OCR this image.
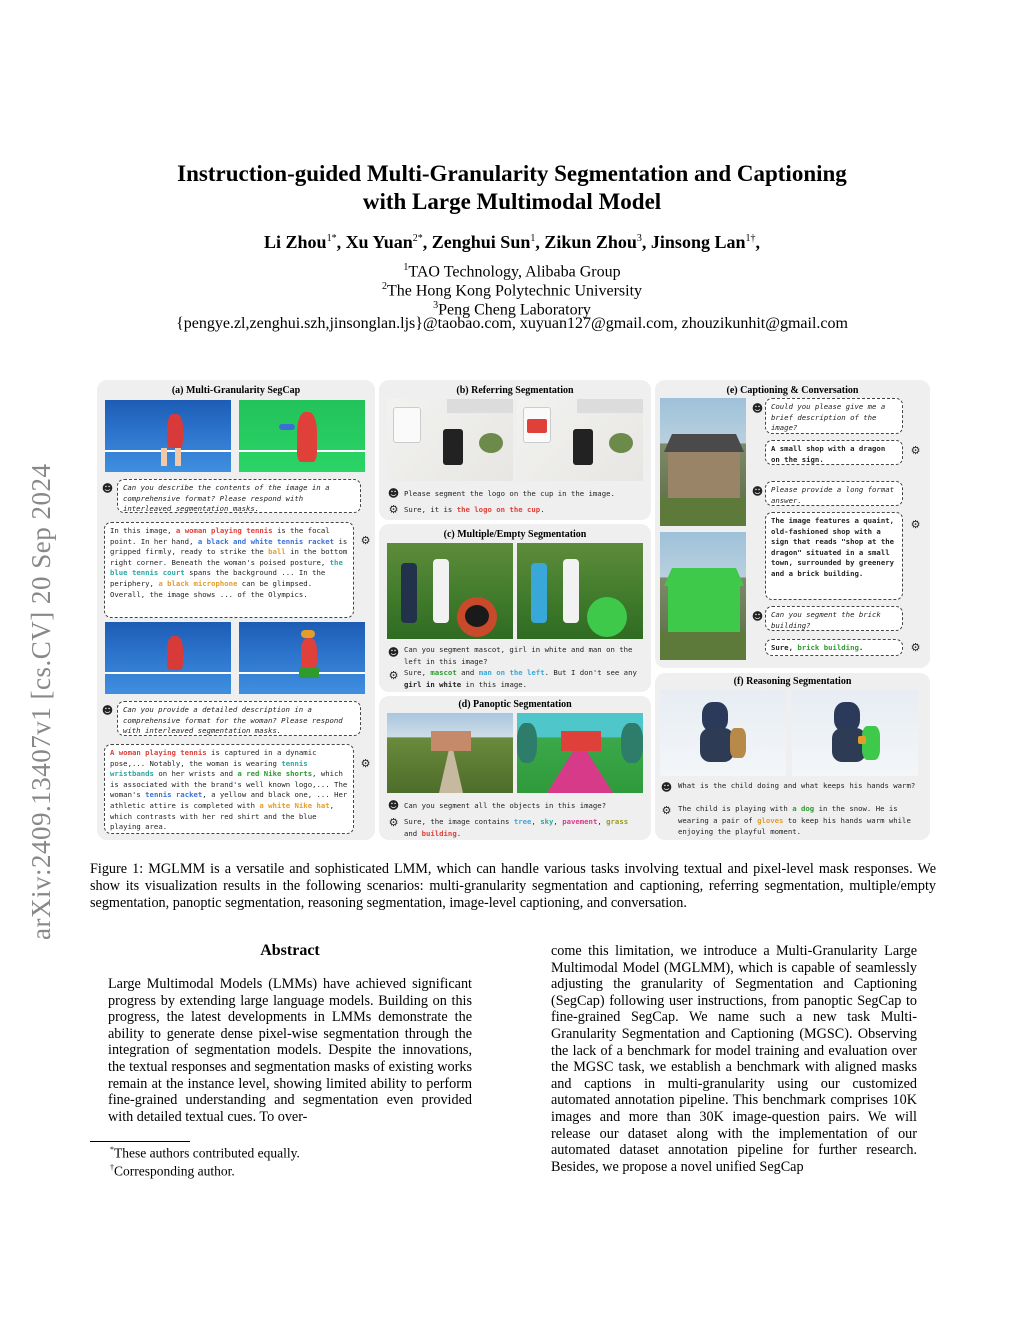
arXiv:2409.13407v1 [cs.CV] 20 Sep 2024
Instruction-guided Multi-Granularity Segmentation and Captioning
with Large Multimodal Model
Li Zhou$^{1*}$, Xu Yuan$^{2*}$, Zenghui Sun$^1$, Zikun Zhou$^3$, Jinsong Lan$^{1\dagger}$,
$^1$TAO Technology, Alibaba Group
$^2$The Hong Kong Polytechnic University
$^3$Peng Cheng Laboratory
{pengye.zl,zenghui.szh,jinsonglan.ljs}@taobao.com, xuyuan127@gmail.com, zhouzikunhit@gmail.com
(a) Multi-Granularity SegCap
☻	Can you describe the contents of the image in a comprehensive format? Please respond with interleaved segmentation masks.
In this image, a woman playing tennis is the focal point. In her hand, a black and white tennis racket is gripped firmly, ready to strike the ball in the bottom right corner. Beneath the woman's poised posture, the blue tennis court spans the background ... In the periphery, a black microphone can be glimpsed. Overall, the image shows ... of the Olympics.
⚙
☻	Can you provide a detailed description in a comprehensive format for the woman? Please respond with interleaved segmentation masks.
A woman playing tennis is captured in a dynamic pose,... Notably, the woman is wearing tennis wristbands on her wrists and a red Nike shorts, which is associated with the brand's well known logo,... The woman's tennis racket, a yellow and black one, ... Her athletic attire is completed with a white Nike hat, which contrasts with her red shirt and the blue playing area.
⚙
(b) Referring Segmentation
☻ Please segment the logo on the cup in the image.
⚙ Sure, it is the logo on the cup.
(c) Multiple/Empty Segmentation
☻ Can you segment mascot, girl in white and man on the left in this image?
⚙ Sure, mascot and man on the left. But I don't see any girl in white in this image.
(d) Panoptic Segmentation
☻ Can you segment all the objects in this image?
⚙ Sure, the image contains tree, sky, pavement, grass and building.
(e) Captioning & Conversation
☻	Could you please give me a brief description of the image?
A small shop with a dragon on the sign.
⚙
☻	Please provide a long format answer.
The image features a quaint, old-fashioned shop with a sign that reads "shop at the dragon" situated in a small town, surrounded by greenery and a brick building.
⚙
☻	Can you segment the brick building?
Sure, brick building.	⚙
(f) Reasoning Segmentation
☻ What is the child doing and what keeps his hands warm?
⚙ The child is playing with a dog in the snow. He is wearing a pair of gloves to keep his hands warm while enjoying the playful moment.
Figure 1: MGLMM is a versatile and sophisticated LMM, which can handle various tasks involving textual and pixel-level mask responses. We show its visualization results in the following scenarios: multi-granularity segmentation and captioning, referring segmentation, multiple/empty segmentation, panoptic segmentation, reasoning segmentation, image-level captioning, and conversation.
Abstract
Large Multimodal Models (LMMs) have achieved significant progress by extending large language models. Building on this progress, the latest developments in LMMs demonstrate the ability to generate dense pixel-wise segmentation through the integration of segmentation models. Despite the innovations, the textual responses and segmentation masks of existing works remain at the instance level, showing limited ability to perform fine-grained understanding and segmentation even provided with detailed textual cues. To over-
come this limitation, we introduce a Multi-Granularity Large Multimodal Model (MGLMM), which is capable of seamlessly adjusting the granularity of Segmentation and Captioning (SegCap) following user instructions, from panoptic SegCap to fine-grained SegCap. We name such a new task Multi-Granularity Segmentation and Captioning (MGSC). Observing the lack of a benchmark for model training and evaluation over the MGSC task, we establish a benchmark with aligned masks and captions in multi-granularity using our customized automated annotation pipeline. This benchmark comprises 10K images and more than 30K image-question pairs. We will release our dataset along with the implementation of our automated dataset annotation pipeline for further research. Besides, we propose a novel unified SegCap
*These authors contributed equally.
†Corresponding author.
